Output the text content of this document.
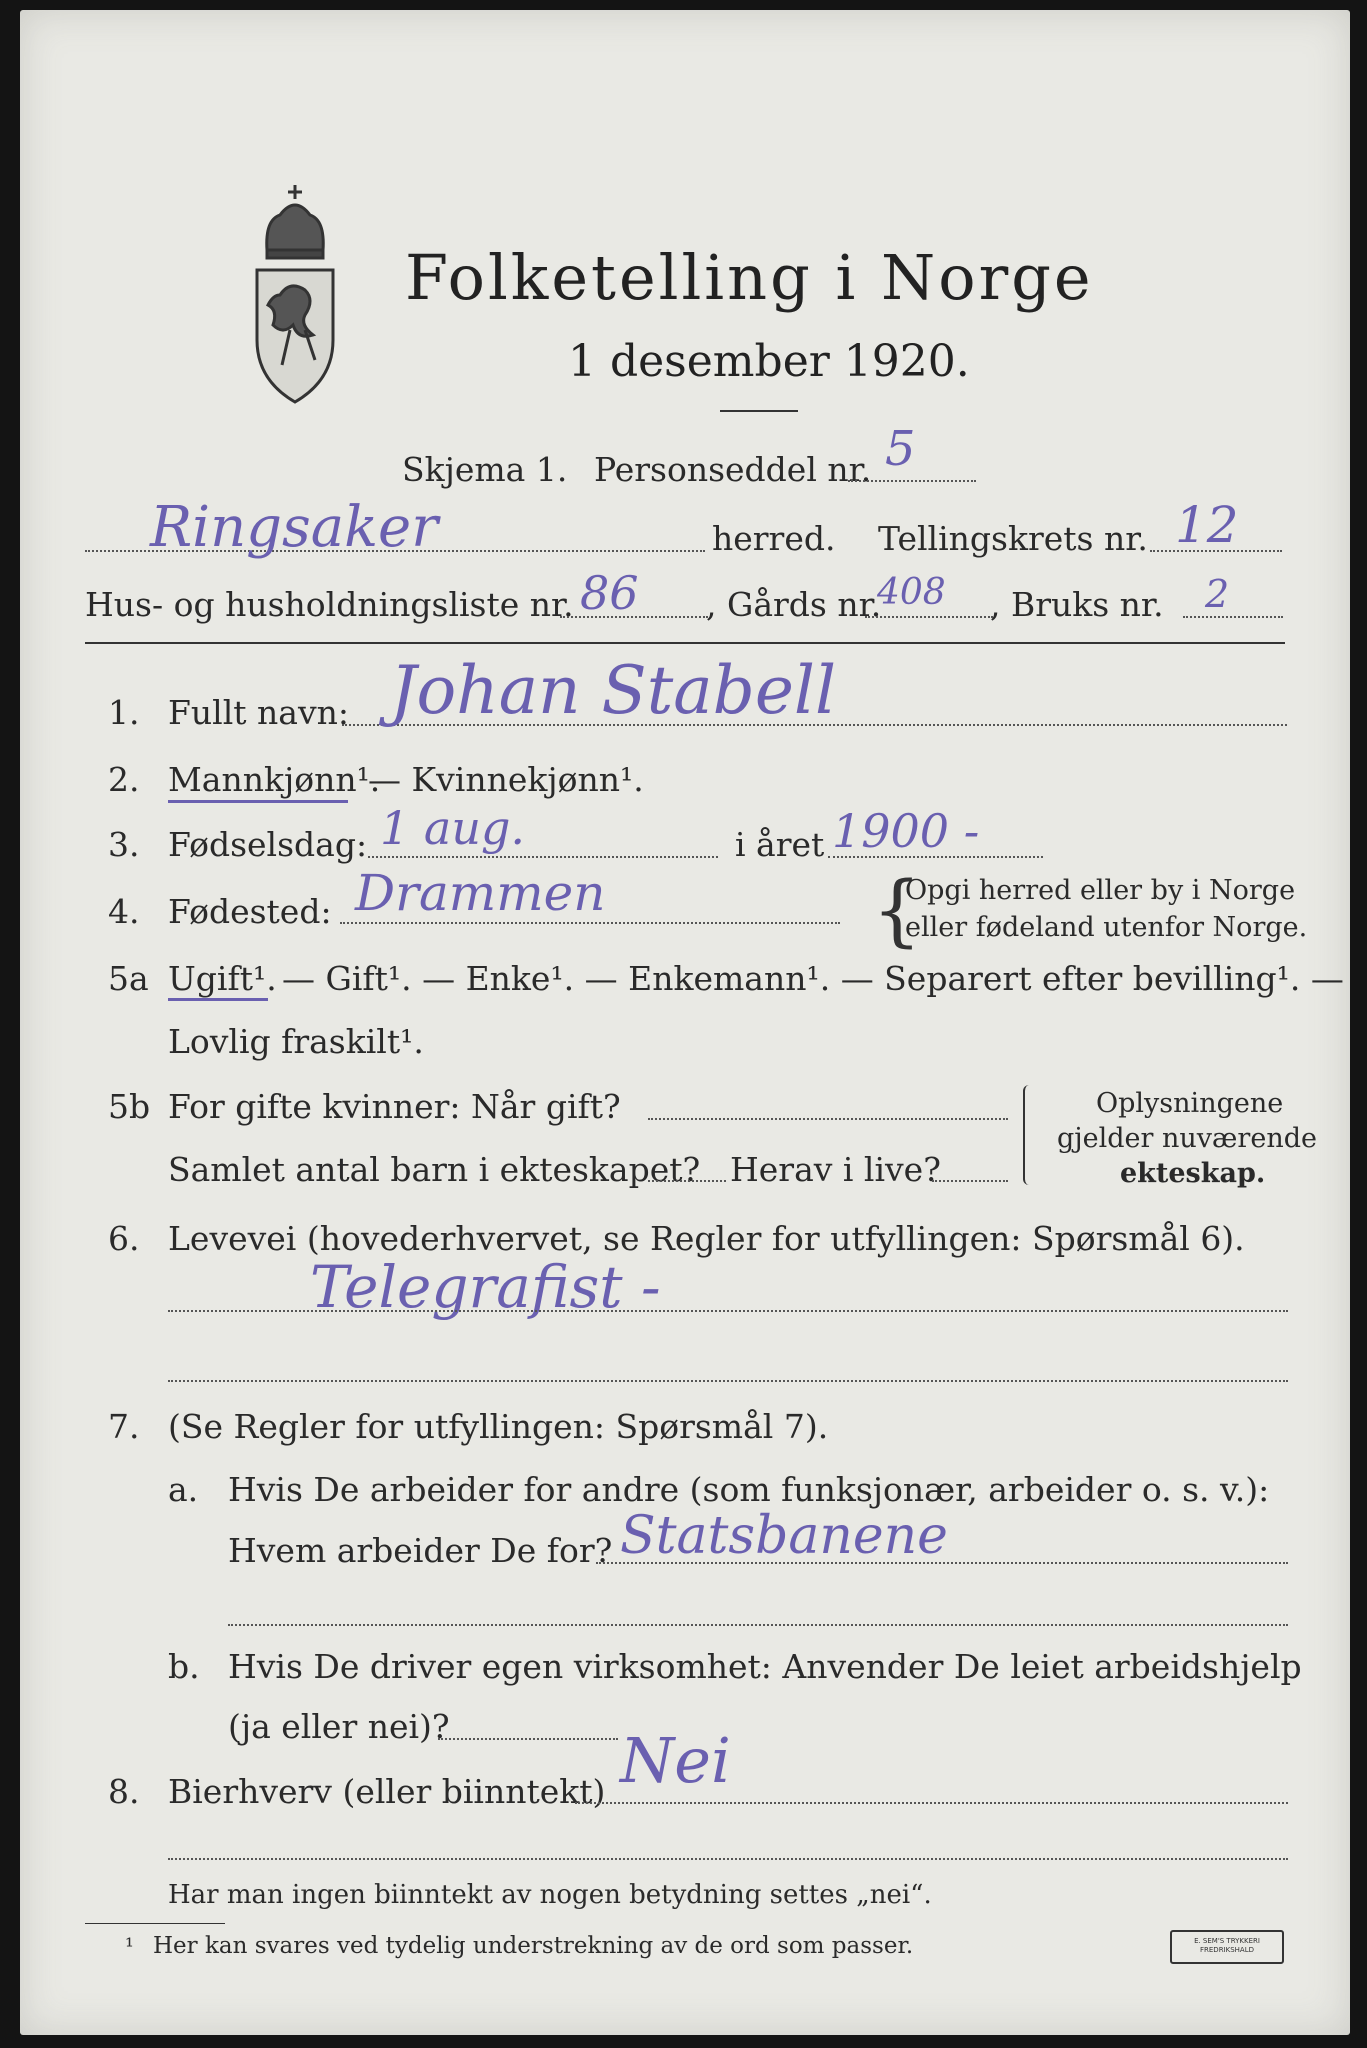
Folketelling i Norge
1 desember 1920.
Skjema 1. Personseddel nr. 5
Ringsaker	herred. Tellingskrets nr. 12
Hus- og husholdningsliste nr. 86 , Gårds nr.
408 , Bruks nr. 2
1. Fullt navn: Johan Stabell
2. Mannkjønn¹.
— Kvinnekjønn¹.
3. Fødselsdag: 1 aug.	i året 1900 -
4. Fødested: Drammen	{
Opgi herred eller by i Norge
eller fødeland utenfor Norge.
5a Ugift¹. — Gift¹. — Enke¹. — Enkemann¹. — Separert efter bevilling¹. —
Lovlig fraskilt¹.
5b For gifte kvinner: Når gift?
Samlet antal barn i ekteskapet? Herav i live?
Oplysningene
gjelder nuværende
ekteskap.
6. Levevei (hovederhvervet, se Regler for utfyllingen: Spørsmål 6).
Telegrafist -
7. (Se Regler for utfyllingen: Spørsmål 7).
a. Hvis De arbeider for andre (som funksjonær, arbeider o. s. v.):
Hvem arbeider De for? Statsbanene
b. Hvis De driver egen virksomhet: Anvender De leiet arbeidshjelp
(ja eller nei)?
8. Bierhverv (eller biinntekt) Nei
Har man ingen biinntekt av nogen betydning settes „nei“.
¹ Her kan svares ved tydelig understrekning av de ord som passer.	E. SEM'S TRYKKERI FREDRIKSHALD
